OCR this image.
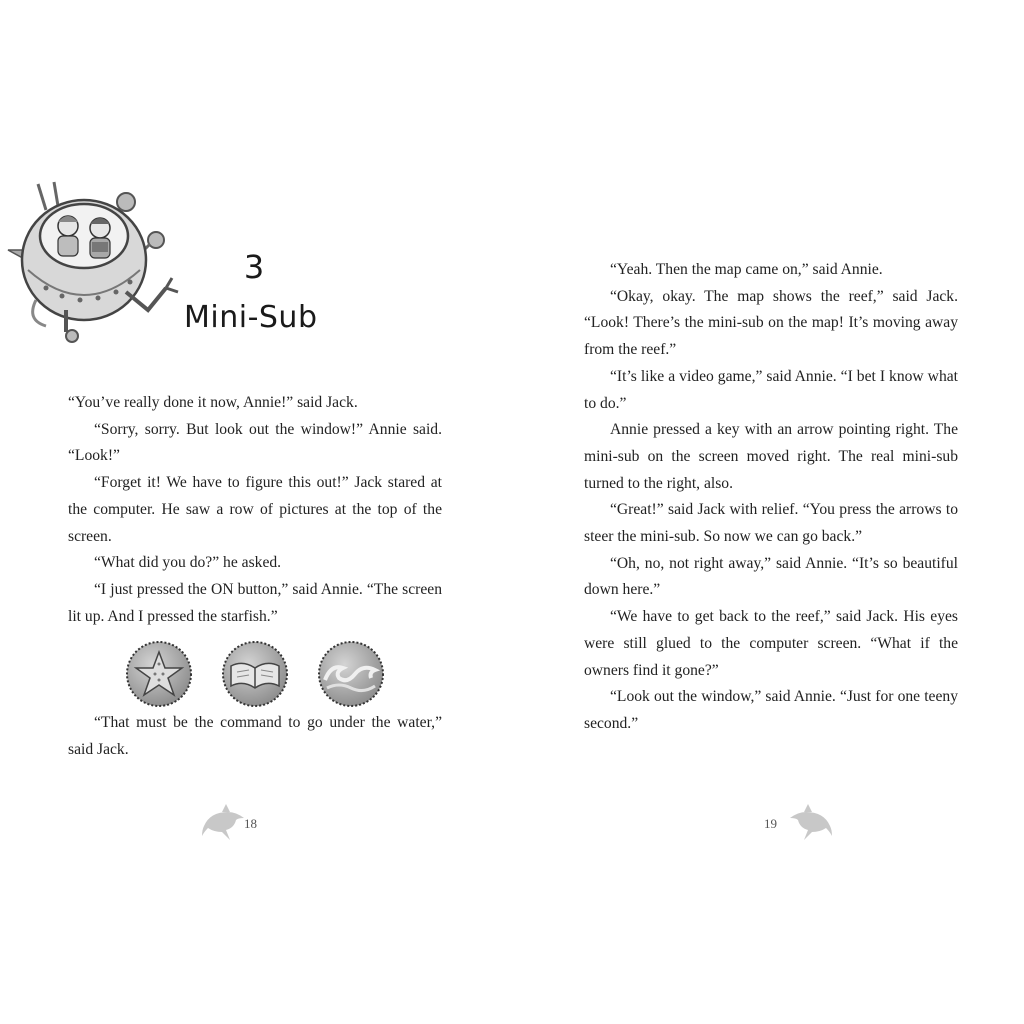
3
Mini-Sub

“You’ve really done it now, Annie!” said Jack.

“Sorry, sorry. But look out the window!” Annie said. “Look!”

“Forget it! We have to figure this out!” Jack stared at the computer. He saw a row of pictures at the top of the screen.

“What did you do?” he asked.

“I just pressed the ON button,” said Annie. “The screen lit up. And I pressed the starfish.”

“That must be the command to go under the water,” said Jack.

18

“Yeah. Then the map came on,” said Annie.

“Okay, okay. The map shows the reef,” said Jack. “Look! There’s the mini-sub on the map! It’s moving away from the reef.”

“It’s like a video game,” said Annie. “I bet I know what to do.”

Annie pressed a key with an arrow pointing right. The mini-sub on the screen moved right. The real mini-sub turned to the right, also.

“Great!” said Jack with relief. “You press the arrows to steer the mini-sub. So now we can go back.”

“Oh, no, not right away,” said Annie. “It’s so beautiful down here.”

“We have to get back to the reef,” said Jack. His eyes were still glued to the computer screen. “What if the owners find it gone?”

“Look out the window,” said Annie. “Just for one teeny second.”

19
